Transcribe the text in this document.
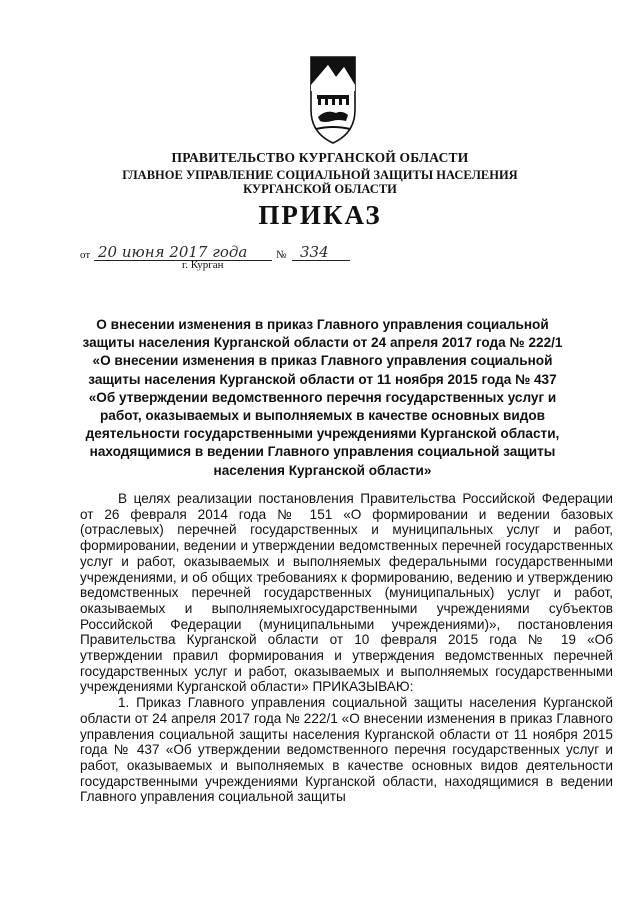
ПРАВИТЕЛЬСТВО КУРГАНСКОЙ ОБЛАСТИ
ГЛАВНОЕ УПРАВЛЕНИЕ СОЦИАЛЬНОЙ ЗАЩИТЫ НАСЕЛЕНИЯ
КУРГАНСКОЙ ОБЛАСТИ
ПРИКАЗ
от 20 июня 2017 года	№ 334
г. Курган
О внесении изменения в приказ Главного управления социальной защиты населения Курганской области от 24 апреля 2017 года № 222/1 «О внесении изменения в приказ Главного управления социальной защиты населения Курганской области от 11 ноября 2015 года № 437 «Об утверждении ведомственного перечня государственных услуг и работ, оказываемых и выполняемых в качестве основных видов деятельности государственными учреждениями Курганской области, находящимися в ведении Главного управления социальной защиты населения Курганской области»

В целях реализации постановления Правительства Российской Федерации от 26 февраля 2014 года № 151 «О формировании и ведении базовых (отраслевых) перечней государственных и муниципальных услуг и работ, формировании, ведении и утверждении ведомственных перечней государственных услуг и работ, оказываемых и выполняемых федеральными государственными учреждениями, и об общих требованиях к формированию, ведению и утверждению ведомственных перечней государственных (муниципальных) услуг и работ, оказываемых и выполняемыхгосударственными учреждениями субъектов Российской Федерации (муниципальными учреждениями)», постановления Правительства Курганской области от 10 февраля 2015 года № 19 «Об утверждении правил формирования и утверждения ведомственных перечней государственных услуг и работ, оказываемых и выполняемых государственными учреждениями Курганской области» ПРИКАЗЫВАЮ:

1. Приказ Главного управления социальной защиты населения Курганской области от 24 апреля 2017 года № 222/1 «О внесении изменения в приказ Главного управления социальной защиты населения Курганской области от 11 ноября 2015 года № 437 «Об утверждении ведомственного перечня государственных услуг и работ, оказываемых и выполняемых в качестве основных видов деятельности государственными учреждениями Курганской области, находящимися в ведении Главного управления социальной защиты
